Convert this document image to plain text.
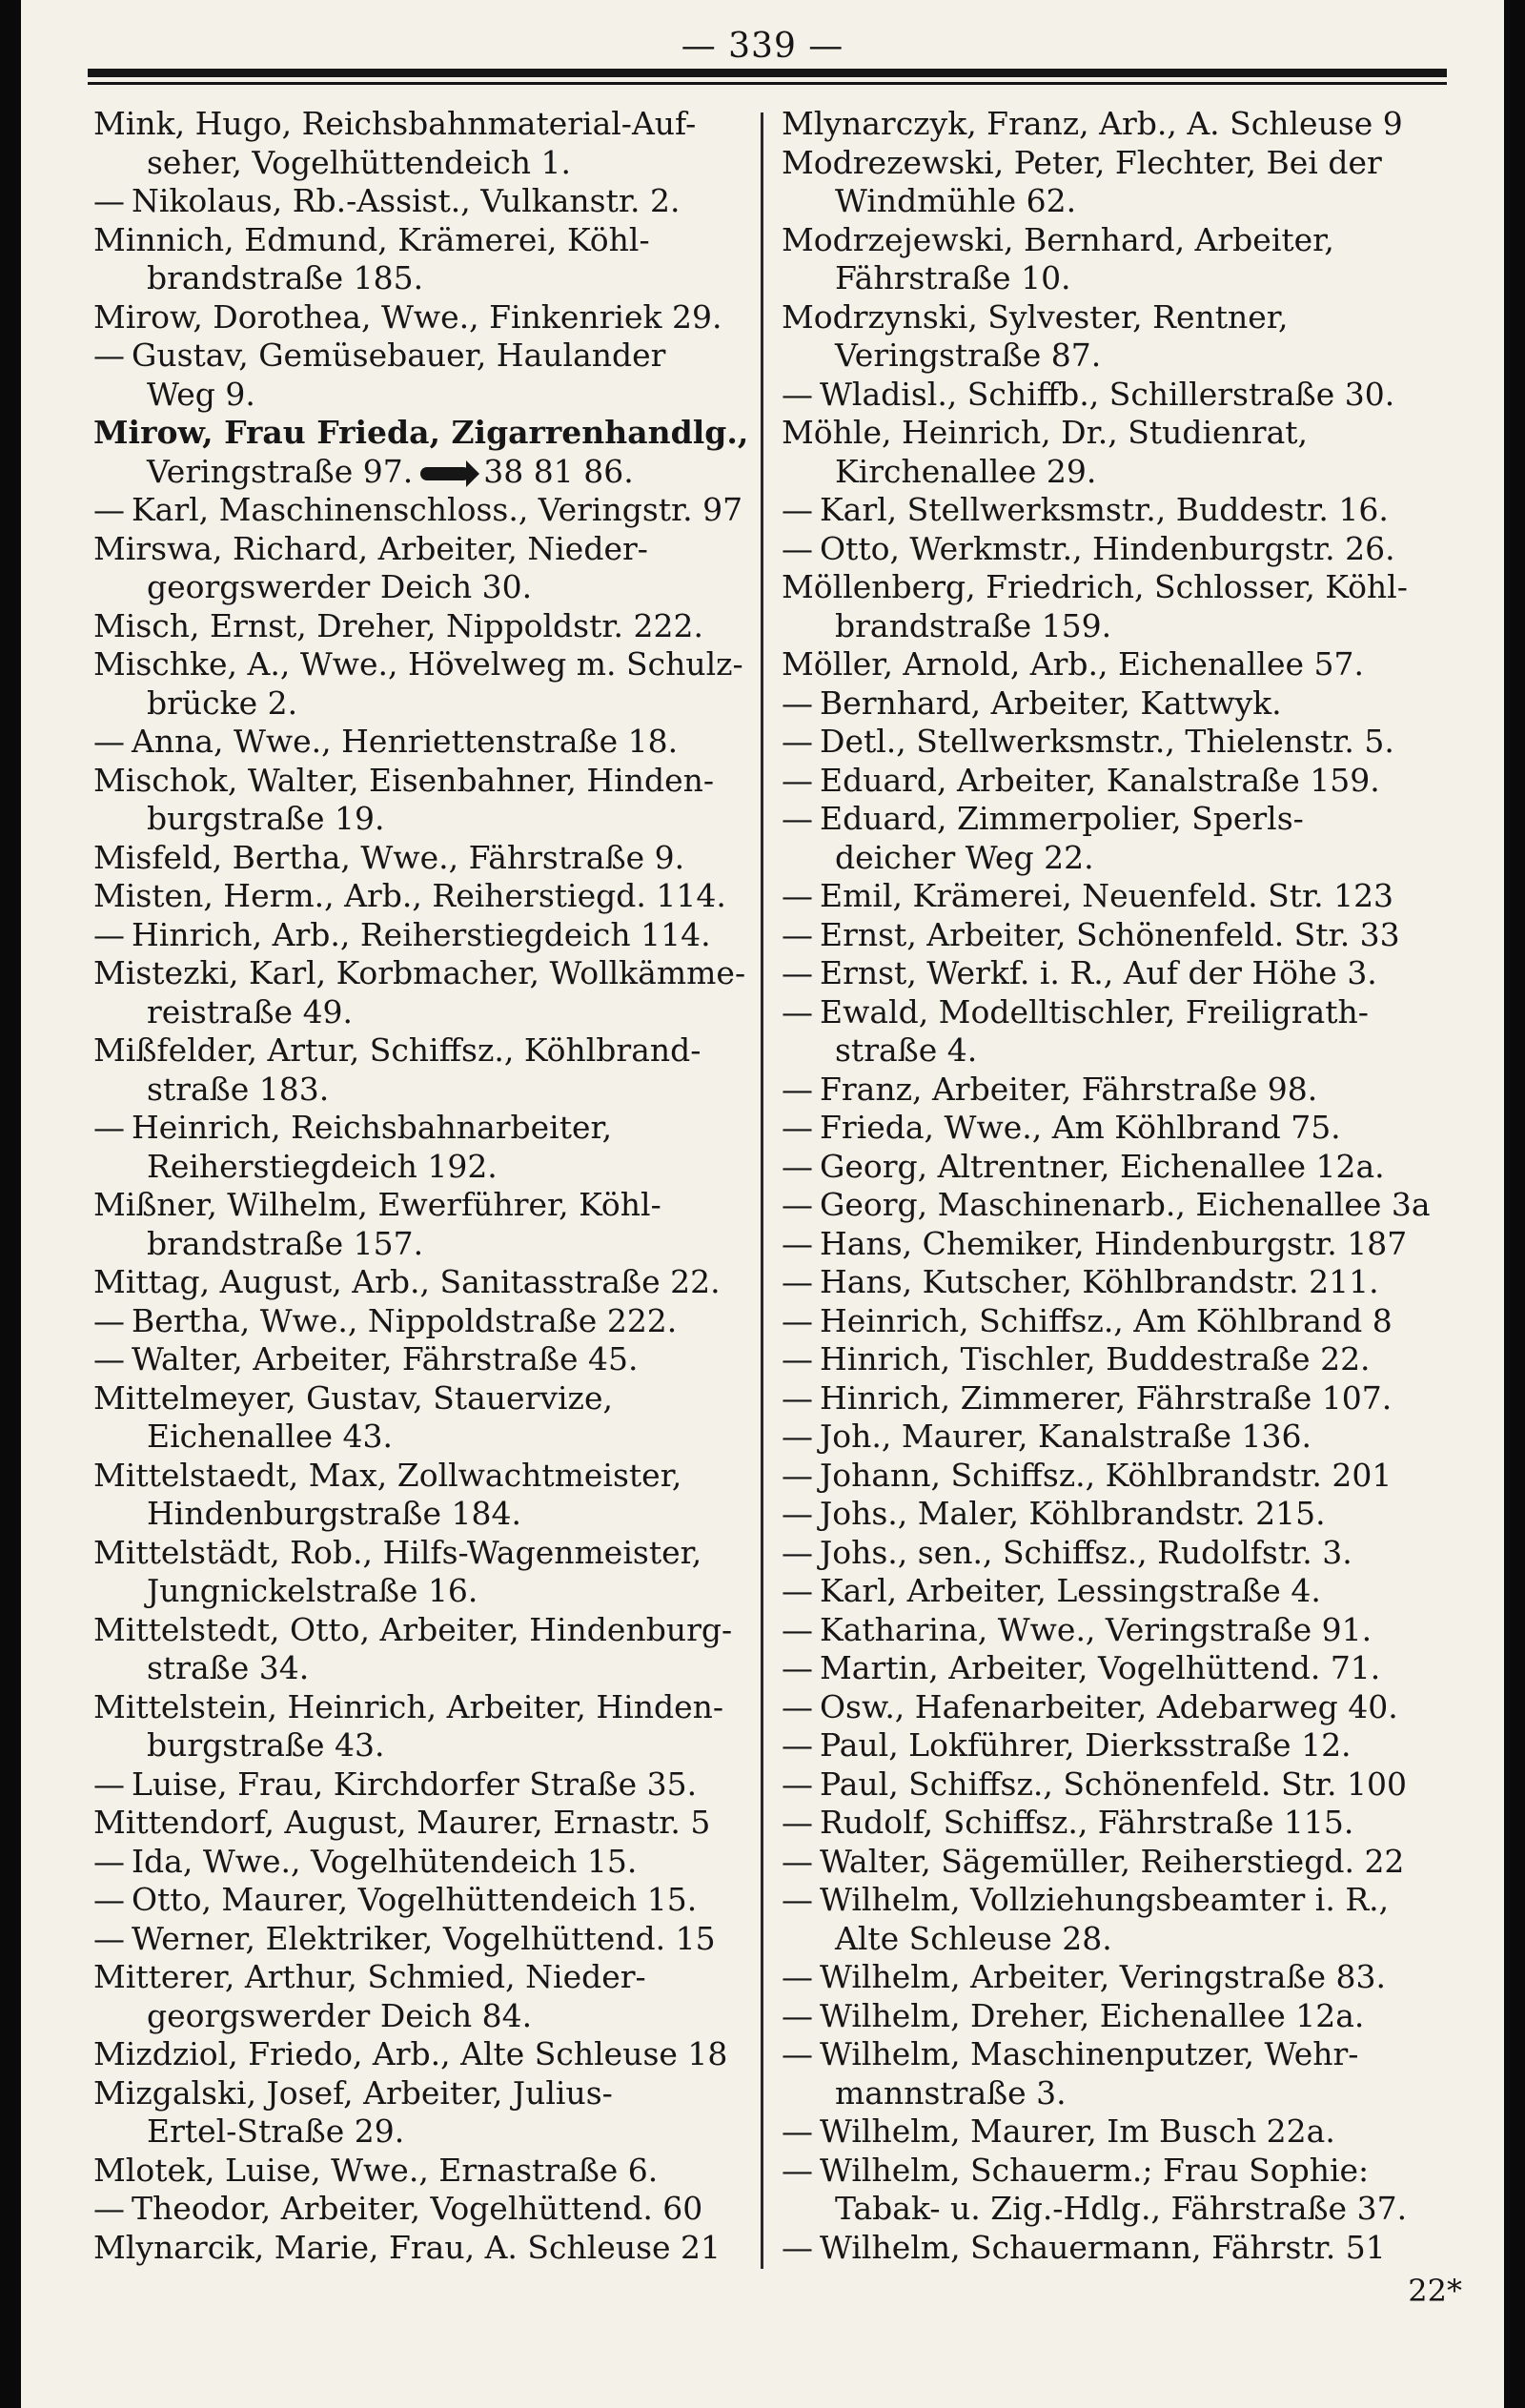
— 339 —
Mink, Hugo, Reichsbahnmaterial-Auf-
seher, Vogelhüttendeich 1.
— Nikolaus, Rb.-Assist., Vulkanstr. 2.
Minnich, Edmund, Krämerei, Köhl-
brandstraße 185.
Mirow, Dorothea, Wwe., Finkenriek 29.
— Gustav, Gemüsebauer, Haulander
Weg 9.
Mirow, Frau Frieda, Zigarrenhandlg.,
Veringstraße 97. 38 81 86.
— Karl, Maschinenschloss., Veringstr. 97
Mirswa, Richard, Arbeiter, Nieder-
georgswerder Deich 30.
Misch, Ernst, Dreher, Nippoldstr. 222.
Mischke, A., Wwe., Hövelweg m. Schulz-
brücke 2.
— Anna, Wwe., Henriettenstraße 18.
Mischok, Walter, Eisenbahner, Hinden-
burgstraße 19.
Misfeld, Bertha, Wwe., Fährstraße 9.
Misten, Herm., Arb., Reiherstiegd. 114.
— Hinrich, Arb., Reiherstiegdeich 114.
Mistezki, Karl, Korbmacher, Wollkämme-
reistraße 49.
Mißfelder, Artur, Schiffsz., Köhlbrand-
straße 183.
— Heinrich, Reichsbahnarbeiter,
Reiherstiegdeich 192.
Mißner, Wilhelm, Ewerführer, Köhl-
brandstraße 157.
Mittag, August, Arb., Sanitasstraße 22.
— Bertha, Wwe., Nippoldstraße 222.
— Walter, Arbeiter, Fährstraße 45.
Mittelmeyer, Gustav, Stauervize,
Eichenallee 43.
Mittelstaedt, Max, Zollwachtmeister,
Hindenburgstraße 184.
Mittelstädt, Rob., Hilfs-Wagenmeister,
Jungnickelstraße 16.
Mittelstedt, Otto, Arbeiter, Hindenburg-
straße 34.
Mittelstein, Heinrich, Arbeiter, Hinden-
burgstraße 43.
— Luise, Frau, Kirchdorfer Straße 35.
Mittendorf, August, Maurer, Ernastr. 5
— Ida, Wwe., Vogelhütendeich 15.
— Otto, Maurer, Vogelhüttendeich 15.
— Werner, Elektriker, Vogelhüttend. 15
Mitterer, Arthur, Schmied, Nieder-
georgswerder Deich 84.
Mizdziol, Friedo, Arb., Alte Schleuse 18
Mizgalski, Josef, Arbeiter, Julius-
Ertel-Straße 29.
Mlotek, Luise, Wwe., Ernastraße 6.
— Theodor, Arbeiter, Vogelhüttend. 60
Mlynarcik, Marie, Frau, A. Schleuse 21
Mlynarczyk, Franz, Arb., A. Schleuse 9
Modrezewski, Peter, Flechter, Bei der
Windmühle 62.
Modrzejewski, Bernhard, Arbeiter,
Fährstraße 10.
Modrzynski, Sylvester, Rentner,
Veringstraße 87.
— Wladisl., Schiffb., Schillerstraße 30.
Möhle, Heinrich, Dr., Studienrat,
Kirchenallee 29.
— Karl, Stellwerksmstr., Buddestr. 16.
— Otto, Werkmstr., Hindenburgstr. 26.
Möllenberg, Friedrich, Schlosser, Köhl-
brandstraße 159.
Möller, Arnold, Arb., Eichenallee 57.
— Bernhard, Arbeiter, Kattwyk.
— Detl., Stellwerksmstr., Thielenstr. 5.
— Eduard, Arbeiter, Kanalstraße 159.
— Eduard, Zimmerpolier, Sperls-
deicher Weg 22.
— Emil, Krämerei, Neuenfeld. Str. 123
— Ernst, Arbeiter, Schönenfeld. Str. 33
— Ernst, Werkf. i. R., Auf der Höhe 3.
— Ewald, Modelltischler, Freiligrath-
straße 4.
— Franz, Arbeiter, Fährstraße 98.
— Frieda, Wwe., Am Köhlbrand 75.
— Georg, Altrentner, Eichenallee 12a.
— Georg, Maschinenarb., Eichenallee 3a
— Hans, Chemiker, Hindenburgstr. 187
— Hans, Kutscher, Köhlbrandstr. 211.
— Heinrich, Schiffsz., Am Köhlbrand 8
— Hinrich, Tischler, Buddestraße 22.
— Hinrich, Zimmerer, Fährstraße 107.
— Joh., Maurer, Kanalstraße 136.
— Johann, Schiffsz., Köhlbrandstr. 201
— Johs., Maler, Köhlbrandstr. 215.
— Johs., sen., Schiffsz., Rudolfstr. 3.
— Karl, Arbeiter, Lessingstraße 4.
— Katharina, Wwe., Veringstraße 91.
— Martin, Arbeiter, Vogelhüttend. 71.
— Osw., Hafenarbeiter, Adebarweg 40.
— Paul, Lokführer, Dierksstraße 12.
— Paul, Schiffsz., Schönenfeld. Str. 100
— Rudolf, Schiffsz., Fährstraße 115.
— Walter, Sägemüller, Reiherstiegd. 22
— Wilhelm, Vollziehungsbeamter i. R.,
Alte Schleuse 28.
— Wilhelm, Arbeiter, Veringstraße 83.
— Wilhelm, Dreher, Eichenallee 12a.
— Wilhelm, Maschinenputzer, Wehr-
mannstraße 3.
— Wilhelm, Maurer, Im Busch 22a.
— Wilhelm, Schauerm.; Frau Sophie:
Tabak- u. Zig.-Hdlg., Fährstraße 37.
— Wilhelm, Schauermann, Fährstr. 51
22*
